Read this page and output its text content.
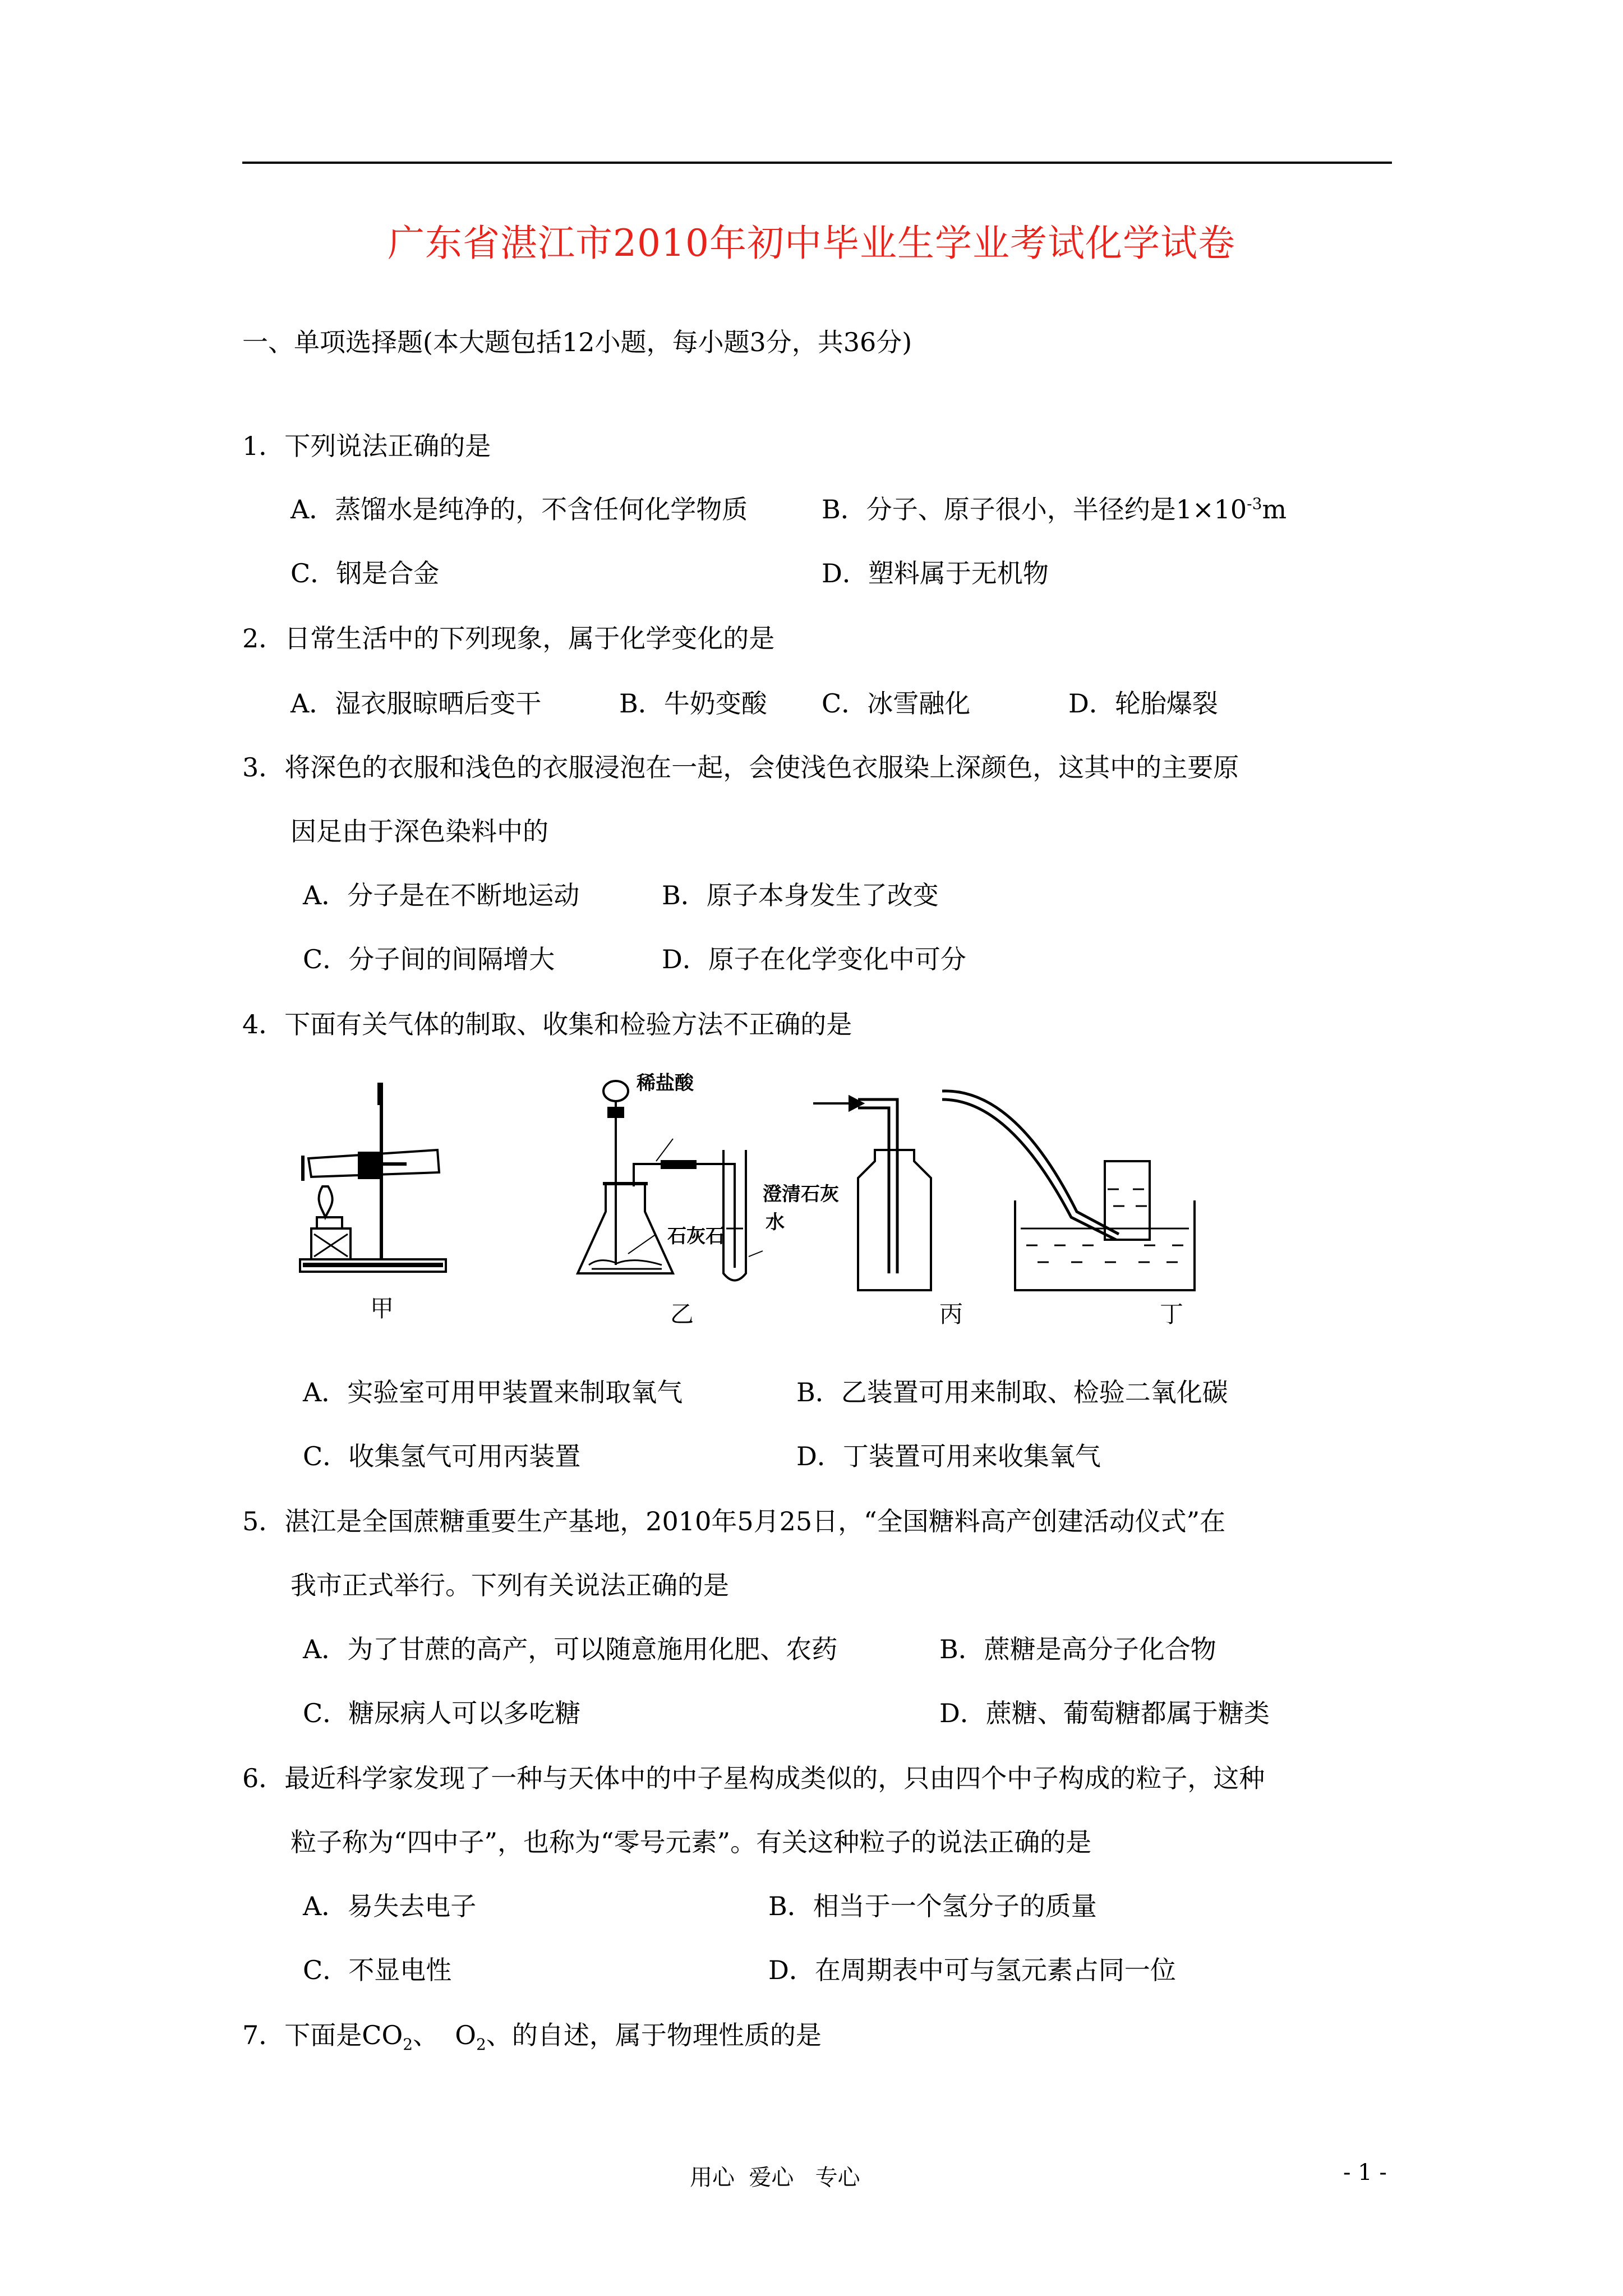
广东省湛江市2010年初中毕业生学业考试化学试卷
一、单项选择题(本大题包括12小题，每小题3分，共36分)
1．下列说法正确的是
A．蒸馏水是纯净的，不含任何化学物质	B．分子、原子很小，半径约是$1\times 10^{-3}m$
C．钢是合金	D．塑料属于无机物
2．日常生活中的下列现象，属于化学变化的是
A．湿衣服晾晒后变干	B．牛奶变酸 C．冰雪融化	D．轮胎爆裂
3．将深色的衣服和浅色的衣服浸泡在一起，会使浅色衣服染上深颜色，这其中的主要原
因足由于深色染料中的
A．分子是在不断地运动	B．原子本身发生了改变
C．分子间的间隔增大	D．原子在化学变化中可分
4．下面有关气体的制取、收集和检验方法不正确的是
稀盐酸
石灰石
澄清石灰
水
甲	乙	丙	丁
A．实验室可用甲装置来制取氧气	B．乙装置可用来制取、检验二氧化碳
C．收集氢气可用丙装置	D．丁装置可用来收集氧气
5．湛江是全国蔗糖重要生产基地，2010年5月25日，“全国糖料高产创建活动仪式”在
我市正式举行。下列有关说法正确的是
A．为了甘蔗的高产，可以随意施用化肥、农药	B．蔗糖是高分子化合物
C．糖尿病人可以多吃糖	D．蔗糖、葡萄糖都属于糖类
6．最近科学家发现了一种与天体中的中子星构成类似的，只由四个中子构成的粒子，这种
粒子称为“四中子”，也称为“零号元素”。有关这种粒子的说法正确的是
A．易失去电子	B．相当于一个氢分子的质量
C．不显电性	D．在周期表中可与氢元素占同一位
7．下面是$CO_2$、  $O_2$、的自述，属于物理性质的是
用心  爱心   专心	- 1 -
